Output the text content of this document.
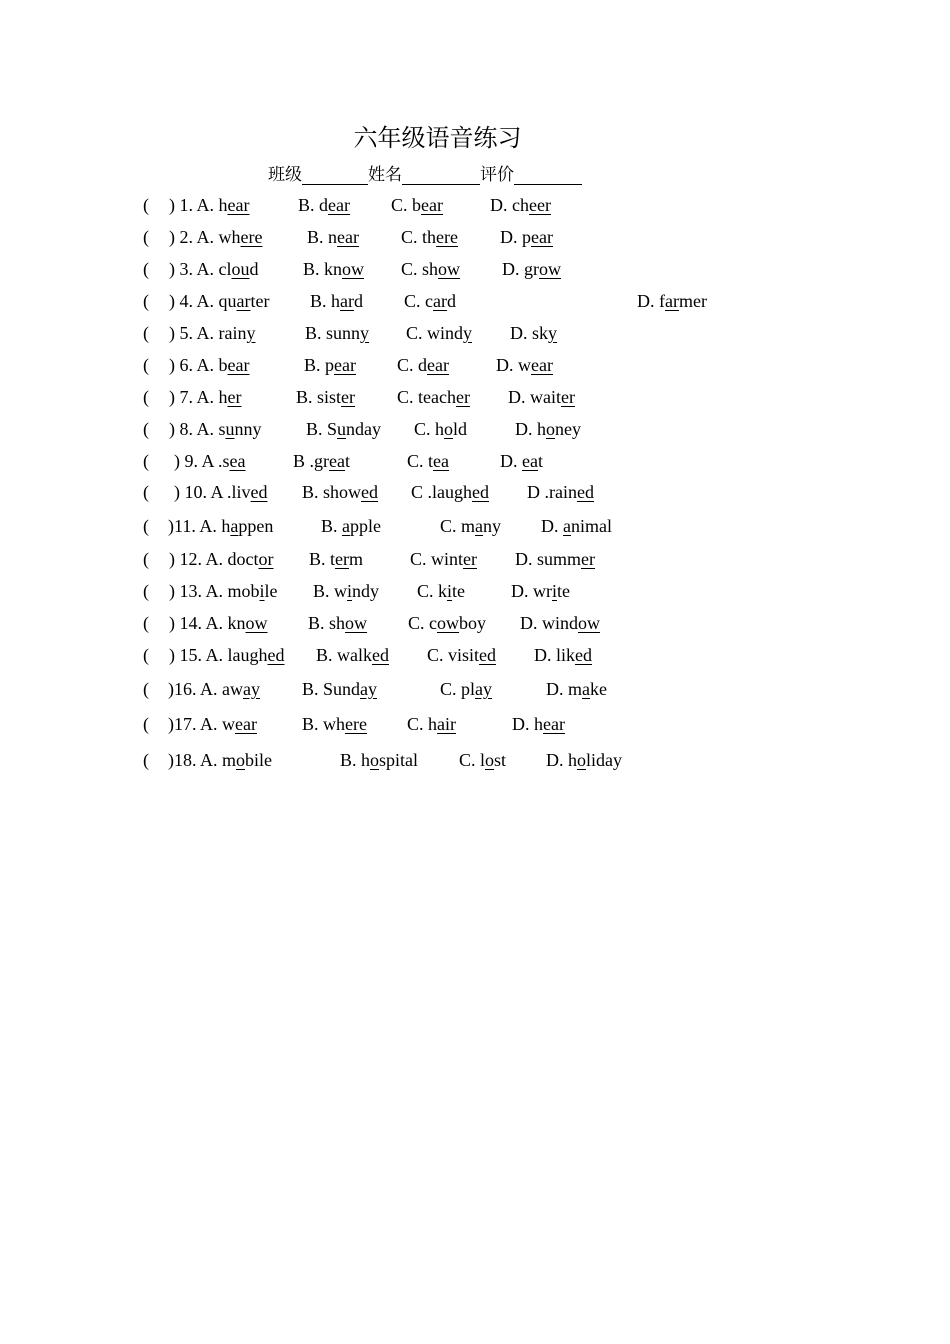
六年级语音练习
班级	姓名	评价
( ) 1. A. hear	B. dear C. bear	D. cheer
( ) 2. A. where B. near C. there D. pear
( ) 3. A. cloud B. know C. show D. grow
( ) 4. A. quarter B. hard C. card	D. farmer
( ) 5. A. rainy	B. sunny C. windy D. sky
( ) 6. A. bear	B. pear C. dear	D. wear
( ) 7. A. her	B. sister C. teacher D. waiter
( ) 8. A. sunny B. Sunday C. hold	D. honey
( ) 9. A .sea	B .great	C. tea	D. eat
( ) 10. A .lived B. showed C .laughed D .rained
( )11. A. happen	B. apple	C. many D. animal
( ) 12. A. doctor B. term	C. winter D. summer
( ) 13. A. mobile B. windy C. kite	D. write
( ) 14. A. know B. show C. cowboy D. window
( ) 15. A. laughed B. walked C. visited D. liked
( )16. A. away B. Sunday	C. play	D. make
( )17. A. wear	B. where C. hair	D. hear
( )18. A. mobile	B. hospital C. lost D. holiday
